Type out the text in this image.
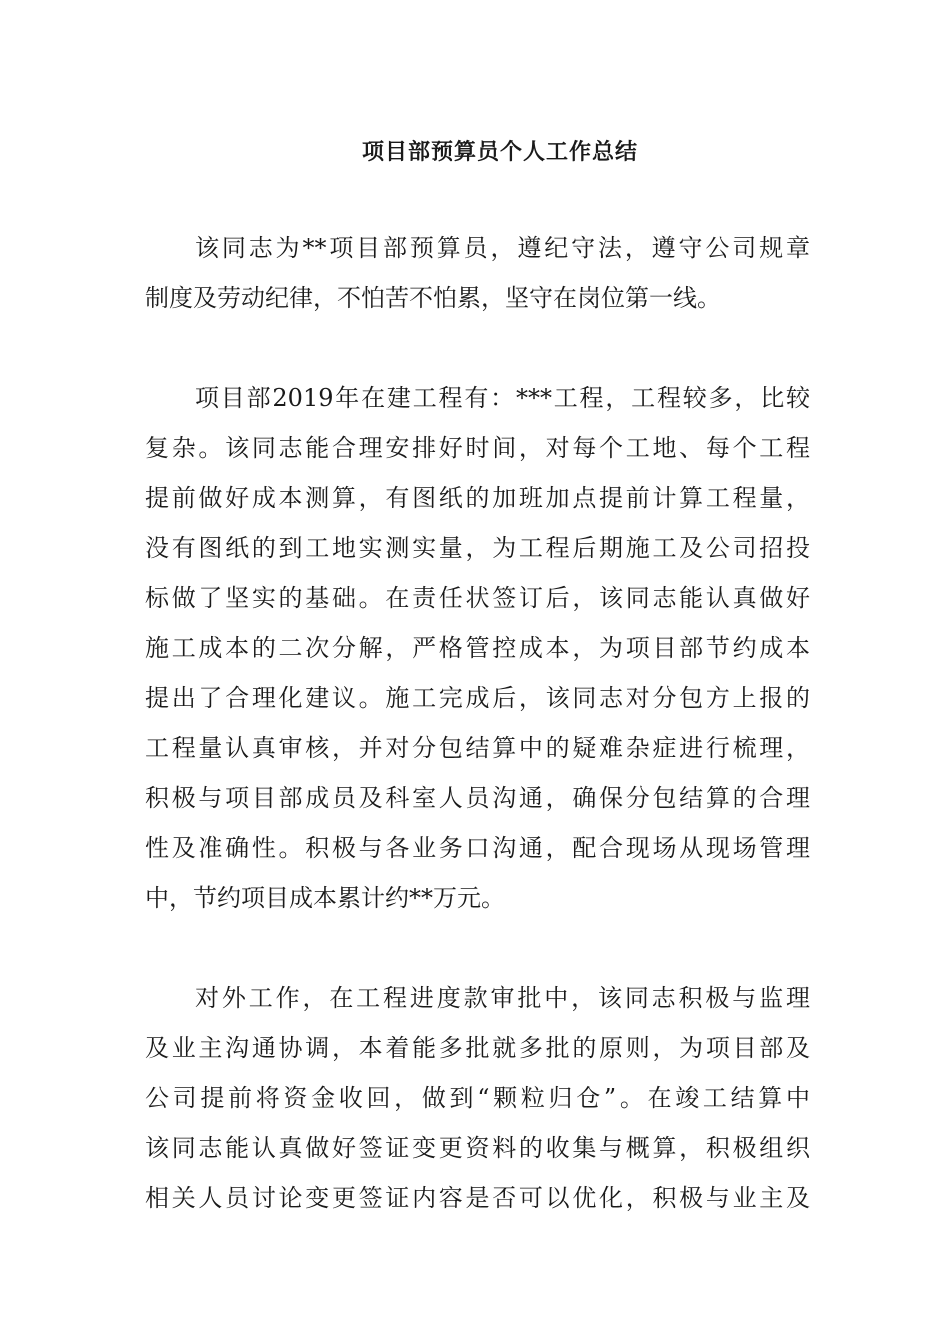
项目部预算员个人工作总结
该同志为**项目部预算员，遵纪守法，遵守公司规章
制度及劳动纪律，不怕苦不怕累，坚守在岗位第一线。
项目部2019年在建工程有：***工程，工程较多，比较
复杂。该同志能合理安排好时间，对每个工地、每个工程
提前做好成本测算，有图纸的加班加点提前计算工程量，
没有图纸的到工地实测实量，为工程后期施工及公司招投
标做了坚实的基础。在责任状签订后，该同志能认真做好
施工成本的二次分解，严格管控成本，为项目部节约成本
提出了合理化建议。施工完成后，该同志对分包方上报的
工程量认真审核，并对分包结算中的疑难杂症进行梳理，
积极与项目部成员及科室人员沟通，确保分包结算的合理
性及准确性。积极与各业务口沟通，配合现场从现场管理
中，节约项目成本累计约**万元。
对外工作，在工程进度款审批中，该同志积极与监理
及业主沟通协调，本着能多批就多批的原则，为项目部及
公司提前将资金收回，做到“颗粒归仓”。在竣工结算中
该同志能认真做好签证变更资料的收集与概算，积极组织
相关人员讨论变更签证内容是否可以优化，积极与业主及
